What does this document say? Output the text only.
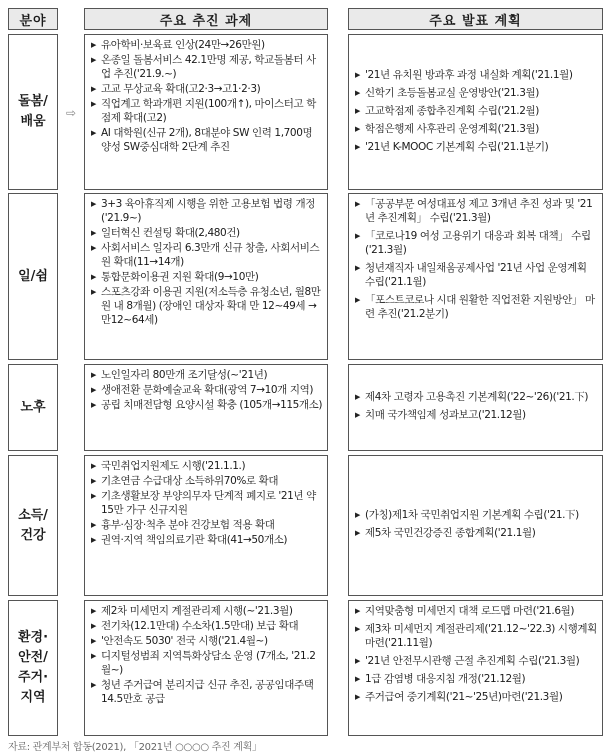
분야	주요 추진 과제	주요 발표 계획
돌봄/
배움
⇨
▶ 유아학비·보육료 인상(24만→26만원)
▶ 온종일 돌봄서비스 42.1만명 제공, 학교돌봄터 사업 추진('21.9.~)
▶ 고교 무상교육 확대(고2·3→고1·2·3)
▶ 직업계고 학과개편 지원(100개↑), 마이스터고 학점제 확대(고2)
▶ AI 대학원(신규 2개), 8대분야 SW 인력 1,700명 양성 SW중심대학 2단계 추진
▶ '21년 유치원 방과후 과정 내실화 계획('21.1월)
▶ 신학기 초등돌봄교실 운영방안('21.3월)
▶ 고교학점제 종합추진계획 수립('21.2월)
▶ 학점은행제 사후관리 운영계획('21.3월)
▶ '21년 K-MOOC 기본계획 수립('21.1분기)
일/쉼
▶ 3+3 육아휴직제 시행을 위한 고용보험 법령 개정('21.9~)
▶ 일터혁신 컨설팅 확대(2,480건)
▶ 사회서비스 일자리 6.3만개 신규 창출, 사회서비스원 확대(11→14개)
▶ 통합문화이용권 지원 확대(9→10만)
▶ 스포츠강좌 이용권 지원(저소득층 유청소년, 월8만원 내 8개월) (장애인 대상자 확대 만 12~49세 → 만12~64세)
▶ 「공공부문 여성대표성 제고 3개년 추진 성과 및 '21년 추진계획」 수립('21.3월)
▶ 「코로나19 여성 고용위기 대응과 회복 대책」 수립('21.3월)
▶ 청년재직자 내일채움공제사업 '21년 사업 운영계획 수립('21.1월)
▶ 「포스트코로나 시대 원활한 직업전환 지원방안」 마련 추진('21.2분기)
노후
▶ 노인일자리 80만개 조기달성(~'21년)
▶ 생애전환 문화예술교육 확대(광역 7→10개 지역)
▶ 공립 치매전담형 요양시설 확충 (105개→115개소)
▶ 제4차 고령자 고용촉진 기본계획('22~'26)('21.下)
▶ 치매 국가책임제 성과보고('21.12월)
소득/
건강
▶ 국민취업지원제도 시행('21.1.1.)
▶ 기초연금 수급대상 소득하위70%로 확대
▶ 기초생활보장 부양의무자 단계적 폐지로 '21년 약 15만 가구 신규지원
▶ 흉부·심장·척추 분야 건강보험 적용 확대
▶ 권역·지역 책임의료기관 확대(41→50개소)
▶ (가칭)제1차 국민취업지원 기본계획 수립('21.下)
▶ 제5차 국민건강증진 종합계획('21.1월)
환경·
안전/
주거·
지역
▶ 제2차 미세먼지 계절관리제 시행(~'21.3월)
▶ 전기차(12.1만대) 수소차(1.5만대) 보급 확대
▶ '안전속도 5030' 전국 시행('21.4월~)
▶ 디지털성범죄 지역특화상담소 운영 (7개소, '21.2월~)
▶ 청년 주거급여 분리지급 신규 추진, 공공임대주택 14.5만호 공급
▶ 지역맞춤형 미세먼지 대책 로드맵 마련('21.6월)
▶ 제3차 미세먼지 계절관리제('21.12~'22.3) 시행계획 마련('21.11월)
▶ '21년 안전무시관행 근절 추진계획 수립('21.3월)
▶ 1급 감염병 대응지침 개정('21.12월)
▶ 주거급여 중기계획('21~'25년)마련('21.3월)
자료: 관계부처 합동(2021), 「2021년 ○○○○ 추진 계획」
